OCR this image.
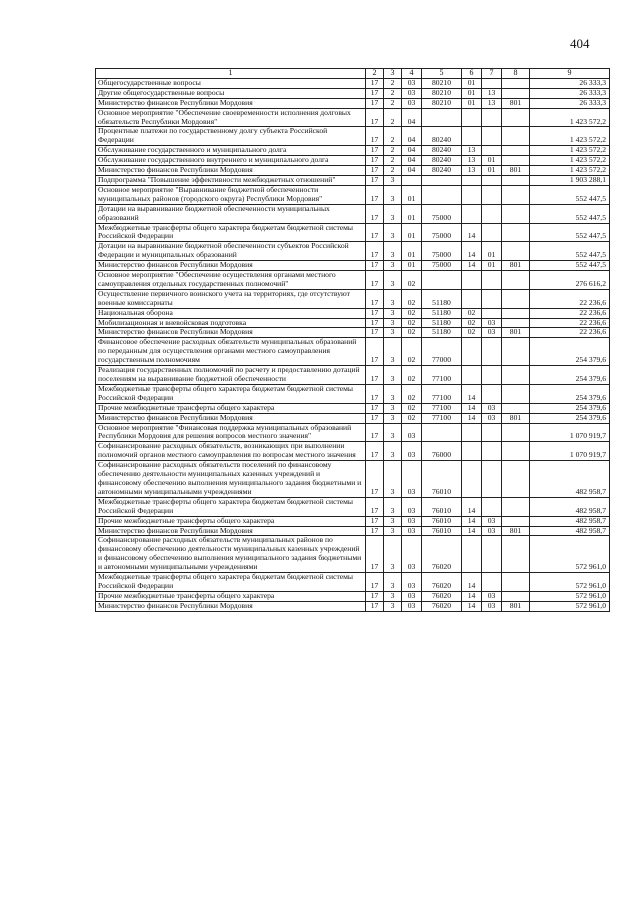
404
1	2	3	4	5	6	7	8	9
Общегосударственные вопросы	17	2	03	80210	01			26 333,3
Другие общегосударственные вопросы	17	2	03	80210	01	13		26 333,3
Министерство финансов Республики Мордовия	17	2	03	80210	01	13	801	26 333,3
Основное мероприятие "Обеспечение своевременности исполнения долговых обязательств Республики Мордовия"	17	2	04					1 423 572,2
Процентные платежи по государственному долгу субъекта Российской Федерации	17	2	04	80240				1 423 572,2
Обслуживание государственного и муниципального долга	17	2	04	80240	13			1 423 572,2
Обслуживание государственного внутреннего и муниципального долга	17	2	04	80240	13	01		1 423 572,2
Министерство финансов Республики Мордовия	17	2	04	80240	13	01	801	1 423 572,2
Подпрограмма "Повышение эффективности межбюджетных отношений"	17	3						1 903 288,1
Основное мероприятие "Выравнивание бюджетной обеспеченности муниципальных районов (городского округа) Республики Мордовия"	17	3	01					552 447,5
Дотации на выравнивание бюджетной обеспеченности муниципальных образований	17	3	01	75000				552 447,5
Межбюджетные трансферты общего характера бюджетам бюджетной системы Российской Федерации	17	3	01	75000	14			552 447,5
Дотации на выравнивание бюджетной обеспеченности субъектов Российской Федерации и муниципальных образований	17	3	01	75000	14	01		552 447,5
Министерство финансов Республики Мордовия	17	3	01	75000	14	01	801	552 447,5
Основное мероприятие "Обеспечение осуществления органами местного самоуправления отдельных государственных полномочий"	17	3	02					276 616,2
Осуществление первичного воинского учета на территориях, где отсутствуют военные комиссариаты	17	3	02	51180				22 236,6
Национальная оборона	17	3	02	51180	02			22 236,6
Мобилизационная и вневойсковая подготовка	17	3	02	51180	02	03		22 236,6
Министерство финансов Республики Мордовия	17	3	02	51180	02	03	801	22 236,6
Финансовое обеспечение расходных обязательств муниципальных образований по переданным для осуществления органами местного самоуправления государственным полномочиям	17	3	02	77000				254 379,6
Реализация государственных полномочий по расчету и предоставлению дотаций поселениям на выравнивание бюджетной обеспеченности	17	3	02	77100				254 379,6
Межбюджетные трансферты общего характера бюджетам бюджетной системы Российской Федерации	17	3	02	77100	14			254 379,6
Прочие межбюджетные трансферты общего характера	17	3	02	77100	14	03		254 379,6
Министерство финансов Республики Мордовия	17	3	02	77100	14	03	801	254 379,6
Основное мероприятие "Финансовая поддержка муниципальных образований Республики Мордовия для решения вопросов местного значения"	17	3	03					1 070 919,7
Софинансирование расходных обязательств, возникающих при выполнении полномочий органов местного самоуправления по вопросам местного значения	17	3	03	76000				1 070 919,7
Софинансирование расходных обязательств поселений по финансовому обеспечению деятельности муниципальных казенных учреждений и финансовому обеспечению выполнения муниципального задания бюджетными и автономными муниципальными учреждениями	17	3	03	76010				482 958,7
Межбюджетные трансферты общего характера бюджетам бюджетной системы Российской Федерации	17	3	03	76010	14			482 958,7
Прочие межбюджетные трансферты общего характера	17	3	03	76010	14	03		482 958,7
Министерство финансов Республики Мордовия	17	3	03	76010	14	03	801	482 958,7
Софинансирование расходных обязательств муниципальных районов по финансовому обеспечению деятельности муниципальных казенных учреждений и финансовому обеспечению выполнения муниципального задания бюджетными и автономными муниципальными учреждениями	17	3	03	76020				572 961,0
Межбюджетные трансферты общего характера бюджетам бюджетной системы Российской Федерации	17	3	03	76020	14			572 961,0
Прочие межбюджетные трансферты общего характера	17	3	03	76020	14	03		572 961,0
Министерство финансов Республики Мордовия	17	3	03	76020	14	03	801	572 961,0
